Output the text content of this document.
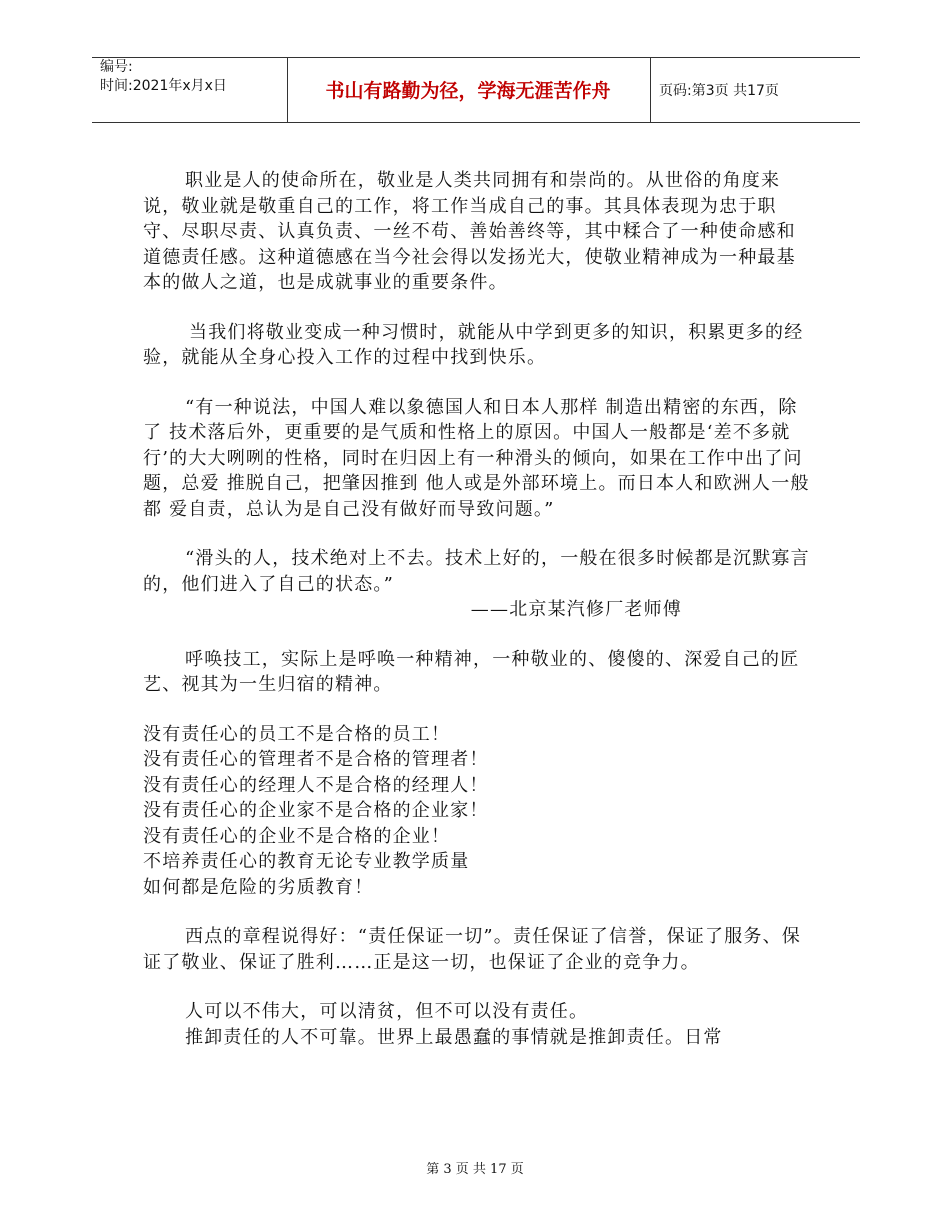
编号:
时间:2021年x月x日	书山有路勤为径，学海无涯苦作舟	页码:第3页 共17页

职业是人的使命所在，敬业是人类共同拥有和崇尚的。从世俗的角度来说，敬业就是敬重自己的工作，将工作当成自己的事。其具体表现为忠于职守、尽职尽责、认真负责、一丝不苟、善始善终等，其中糅合了一种使命感和道德责任感。这种道德感在当今社会得以发扬光大，使敬业精神成为一种最基本的做人之道，也是成就事业的重要条件。

当我们将敬业变成一种习惯时，就能从中学到更多的知识，积累更多的经验，就能从全身心投入工作的过程中找到快乐。

“有一种说法，中国人难以象德国人和日本人那样 制造出精密的东西，除了 技术落后外，更重要的是气质和性格上的原因。中国人一般都是‘差不多就行’的大大咧咧的性格，同时在归因上有一种滑头的倾向，如果在工作中出了问题，总爱 推脱自己，把肇因推到 他人或是外部环境上。而日本人和欧洲人一般都 爱自责，总认为是自己没有做好而导致问题。”

“滑头的人，技术绝对上不去。技术上好的，一般在很多时候都是沉默寡言的，他们进入了自己的状态。”

——北京某汽修厂老师傅

呼唤技工，实际上是呼唤一种精神，一种敬业的、傻傻的、深爱自己的匠艺、视其为一生归宿的精神。

没有责任心的员工不是合格的员工！
没有责任心的管理者不是合格的管理者！
没有责任心的经理人不是合格的经理人！
没有责任心的企业家不是合格的企业家！
没有责任心的企业不是合格的企业！
不培养责任心的教育无论专业教学质量
如何都是危险的劣质教育！

西点的章程说得好：“责任保证一切”。责任保证了信誉，保证了服务、保证了敬业、保证了胜利……正是这一切，也保证了企业的竞争力。

人可以不伟大，可以清贫，但不可以没有责任。

推卸责任的人不可靠。世界上最愚蠢的事情就是推卸责任。日常

第 3 页 共 17 页
